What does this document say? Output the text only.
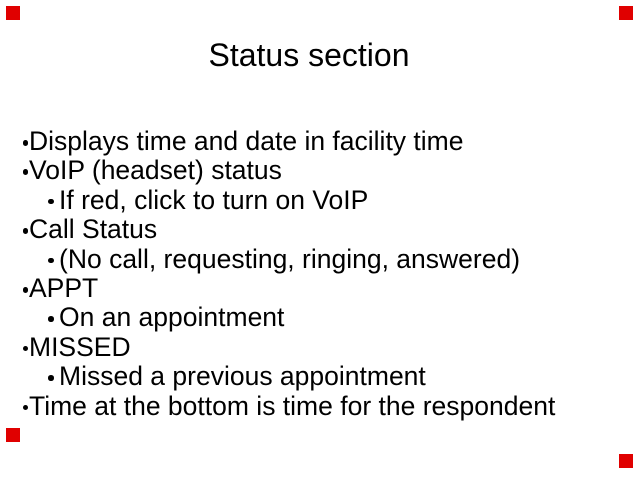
Status section
Displays time and date in facility time
VoIP (headset) status
If red, click to turn on VoIP
Call Status
(No call, requesting, ringing, answered)
APPT
On an appointment
MISSED
Missed a previous appointment
Time at the bottom is time for the respondent
